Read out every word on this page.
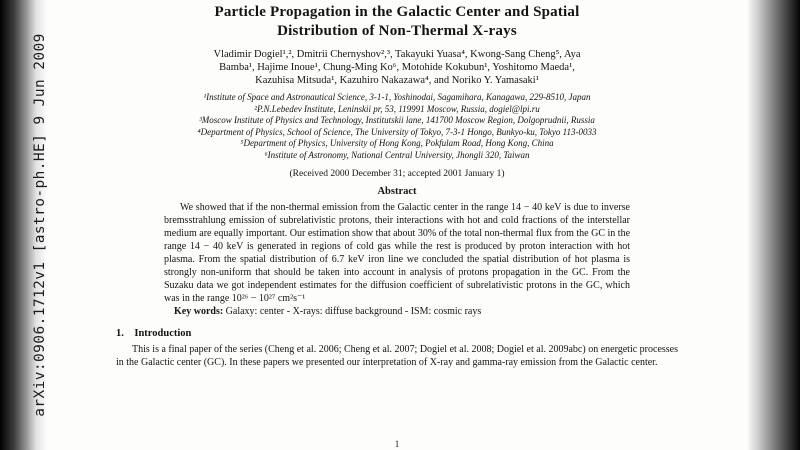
Particle Propagation in the Galactic Center and Spatial
Distribution of Non-Thermal X-rays
Vladimir Dogiel¹,², Dmitrii Chernyshov²,³, Takayuki Yuasa⁴, Kwong-Sang Cheng⁵, Aya
Bamba¹, Hajime Inoue¹, Chung-Ming Ko⁶, Motohide Kokubun¹, Yoshitomo Maeda¹,
Kazuhisa Mitsuda¹, Kazuhiro Nakazawa⁴, and Noriko Y. Yamasaki¹
¹Institute of Space and Astronautical Science, 3-1-1, Yoshinodai, Sagamihara, Kanagawa, 229-8510, Japan
²P.N.Lebedev Institute, Leninskii pr, 53, 119991 Moscow, Russia, dogiel@lpi.ru
³Moscow Institute of Physics and Technology, Institutskii lane, 141700 Moscow Region, Dolgoprudnii, Russia
⁴Department of Physics, School of Science, The University of Tokyo, 7-3-1 Hongo, Bunkyo-ku, Tokyo 113-0033
⁵Department of Physics, University of Hong Kong, Pokfulam Road, Hong Kong, China
⁶Institute of Astronomy, National Central University, Jhongli 320, Taiwan
(Received 2000 December 31; accepted 2001 January 1)
Abstract

We showed that if the non-thermal emission from the Galactic center in the range 14 − 40 keV is due to inverse bremsstrahlung emission of subrelativistic protons, their interactions with hot and cold fractions of the interstellar medium are equally important. Our estimation show that about 30% of the total non-thermal flux from the GC in the range 14 − 40 keV is generated in regions of cold gas while the rest is produced by proton interaction with hot plasma. From the spatial distribution of 6.7 keV iron line we concluded the spatial distribution of hot plasma is strongly non-uniform that should be taken into account in analysis of protons propagation in the GC. From the Suzaku data we got independent estimates for the diffusion coefficient of subrelativistic protons in the GC, which was in the range 10²⁶ − 10²⁷ cm²s⁻¹

Key words: Galaxy: center - X-rays: diffuse background - ISM: cosmic rays
1. Introduction

This is a final paper of the series (Cheng et al. 2006; Cheng et al. 2007; Dogiel et al. 2008; Dogiel et al. 2009abc) on energetic processes in the Galactic center (GC). In these papers we presented our interpretation of X-ray and gamma-ray emission from the Galactic center.

1
arXiv:0906.1712v1 [astro-ph.HE] 9 Jun 2009
